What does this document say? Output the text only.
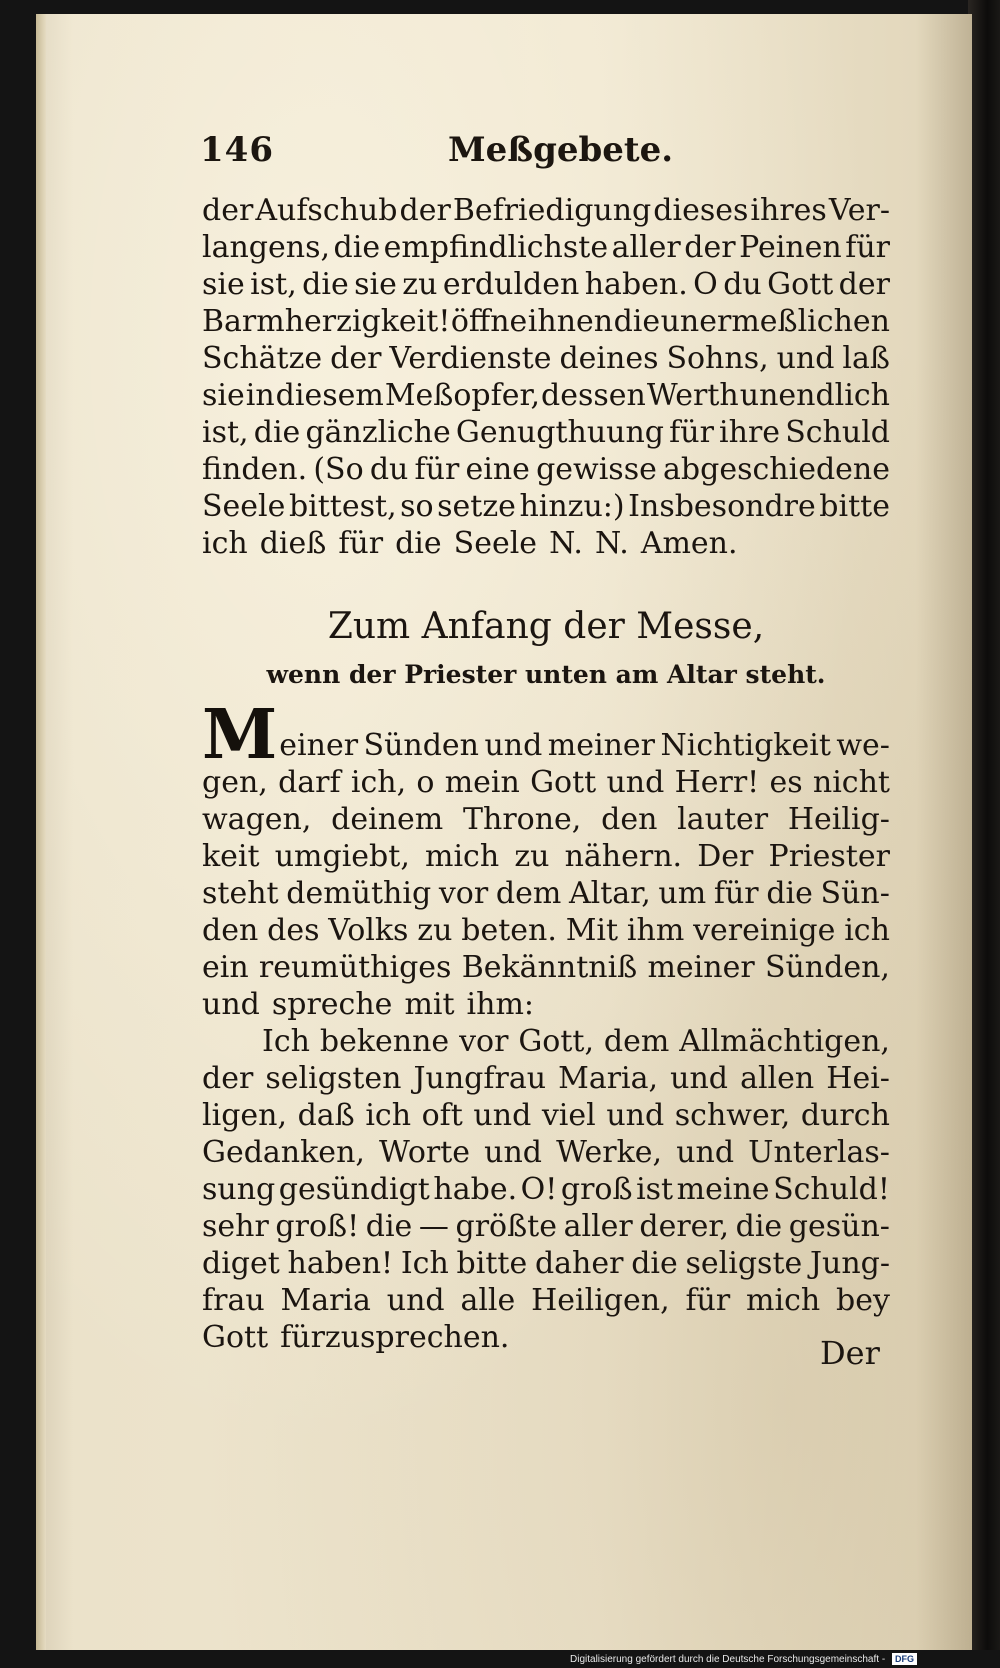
146	Meßgebete.
der Aufschub der Befriedigung dieses ihres Ver-
langens, die empfindlichste aller der Peinen für
sie ist, die sie zu erdulden haben. O du Gott der
Barmherzigkeit! öffne ihnen die unermeßlichen
Schätze der Verdienste deines Sohns, und laß
sie in diesem Meßopfer, dessen Werth unendlich
ist, die gänzliche Genugthuung für ihre Schuld
finden. (So du für eine gewisse abgeschiedene
Seele bittest, so setze hinzu:) Insbesondre bitte
ich dieß für die Seele N. N. Amen.
Zum Anfang der Messe,
wenn der Priester unten am Altar steht.
M einer Sünden und meiner Nichtigkeit we-
gen, darf ich, o mein Gott und Herr! es nicht
wagen, deinem Throne, den lauter Heilig-
keit umgiebt, mich zu nähern. Der Priester
steht demüthig vor dem Altar, um für die Sün-
den des Volks zu beten. Mit ihm vereinige ich
ein reumüthiges Bekänntniß meiner Sünden,
und spreche mit ihm:
Ich bekenne vor Gott, dem Allmächtigen,
der seligsten Jungfrau Maria, und allen Hei-
ligen, daß ich oft und viel und schwer, durch
Gedanken, Worte und Werke, und Unterlas-
sung gesündigt habe. O! groß ist meine Schuld!
sehr groß! die — größte aller derer, die gesün-
diget haben! Ich bitte daher die seligste Jung-
frau Maria und alle Heiligen, für mich bey
Gott fürzusprechen.	Der
Digitalisierung gefördert durch die Deutsche Forschungsgemeinschaft - DFG
